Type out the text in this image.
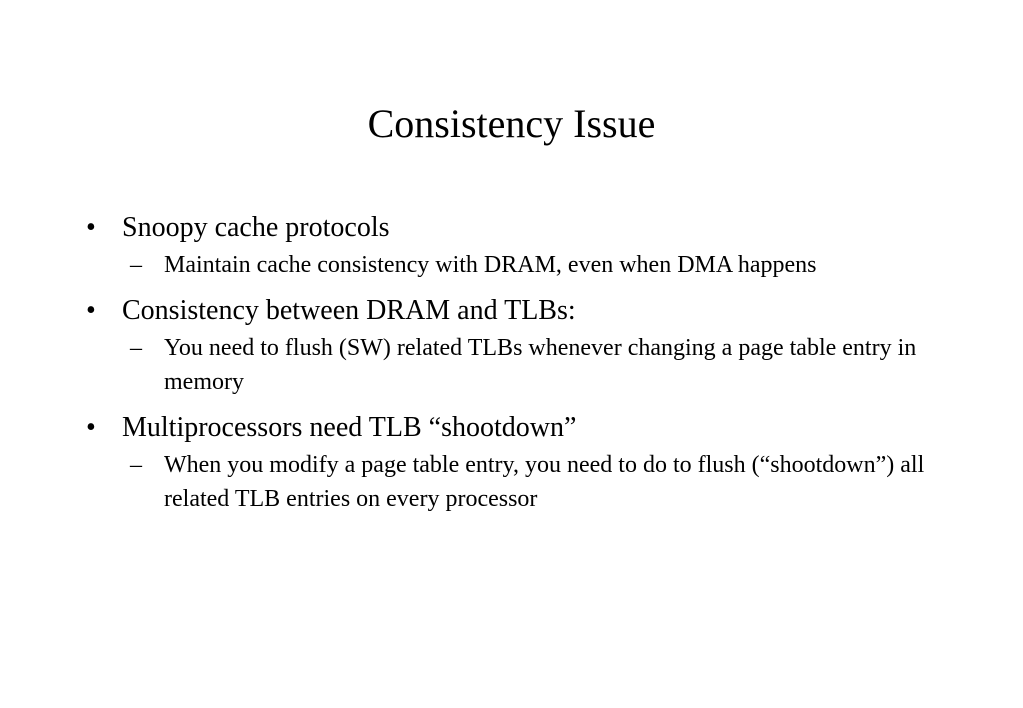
Consistency Issue
• Snoopy cache protocols
– Maintain cache consistency with DRAM, even when DMA happens
• Consistency between DRAM and TLBs:
– You need to flush (SW) related TLBs whenever changing a page table entry in memory
• Multiprocessors need TLB “shootdown”
– When you modify a page table entry, you need to do to flush (“shootdown”) all related TLB entries on every processor
